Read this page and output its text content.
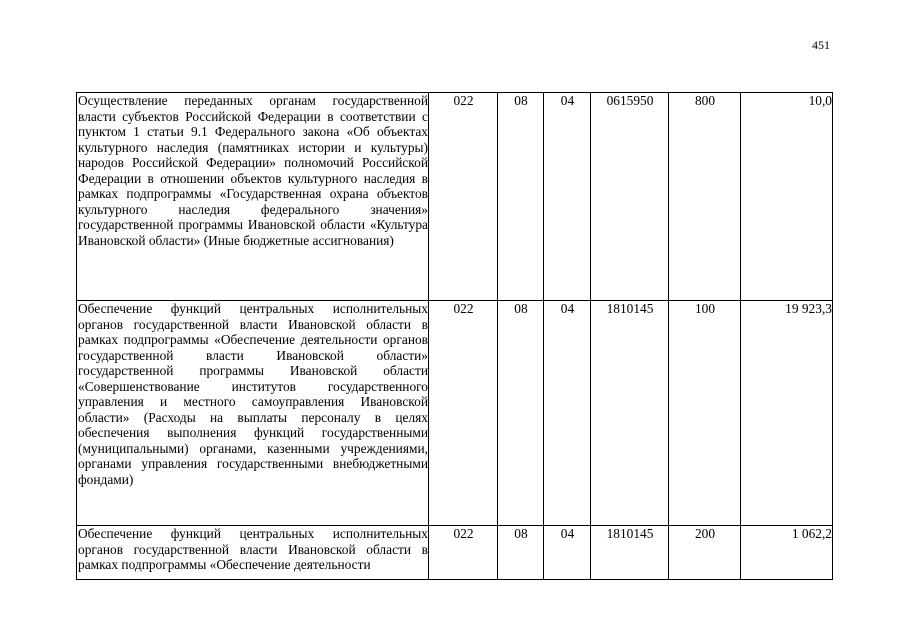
451
Осуществление переданных органам государственной власти субъектов Российской Федерации в соответствии с пунктом 1 статьи 9.1 Федерального закона «Об объектах культурного наследия (памятниках истории и культуры) народов Российской Федерации» полномочий Российской Федерации в отношении объектов культурного наследия в рамках подпрограммы «Государственная охрана объектов культурного наследия федерального значения» государственной программы Ивановской области «Культура Ивановской области» (Иные бюджетные ассигнования)	022	08	04	0615950	800	10,0
Обеспечение функций центральных исполнительных органов государственной власти Ивановской области в рамках подпрограммы «Обеспечение деятельности органов государственной власти Ивановской области» государственной программы Ивановской области «Совершенствование институтов государственного управления и местного самоуправления Ивановской области» (Расходы на выплаты персоналу в целях обеспечения выполнения функций государственными (муниципальными) органами, казенными учреждениями, органами управления государственными внебюджетными фондами)	022	08	04	1810145	100	19 923,3
Обеспечение функций центральных исполнительных органов государственной власти Ивановской области в рамках подпрограммы «Обеспечение деятельности	022	08	04	1810145	200	1 062,2
